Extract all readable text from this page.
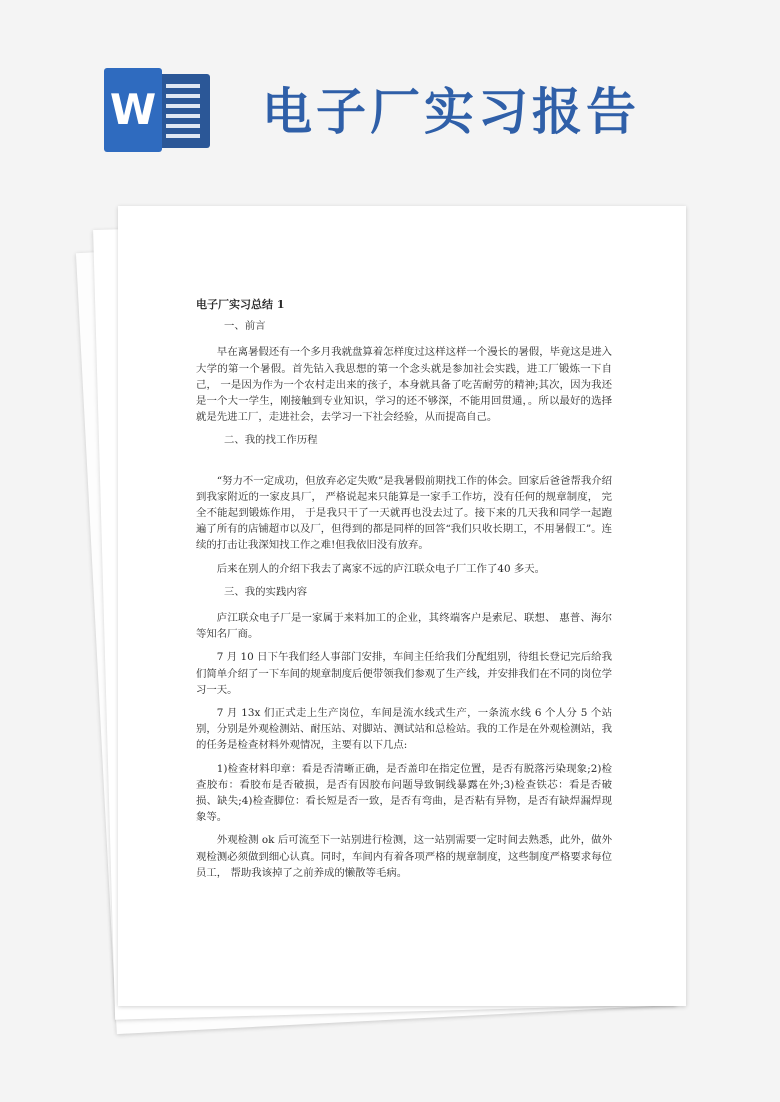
W 电子厂实习报告

电子厂实习总结 1

一、前言

早在离暑假还有一个多月我就盘算着怎样度过这样这样一个漫长的暑假，毕竟这是进入大学的第一个暑假。首先钻入我思想的第一个念头就是参加社会实践，进工厂锻炼一下自己， 一是因为作为一个农村走出来的孩子，本身就具备了吃苦耐劳的精神;其次，因为我还是一个大一学生，刚接触到专业知识，学习的还不够深，不能用回贯通，。所以最好的选择就是先进工厂，走进社会，去学习一下社会经验，从而提高自己。

二、我的找工作历程

“努力不一定成功，但放弃必定失败”是我暑假前期找工作的体会。回家后爸爸帮我介绍到我家附近的一家皮具厂， 严格说起来只能算是一家手工作坊，没有任何的规章制度， 完全不能起到锻炼作用， 于是我只干了一天就再也没去过了。接下来的几天我和同学一起跑遍了所有的店铺超市以及厂，但得到的都是同样的回答“我们只收长期工，不用暑假工”。连续的打击让我深知找工作之难!但我依旧没有放弃。

后来在别人的介绍下我去了离家不远的庐江联众电子厂工作了40 多天。

三、我的实践内容

庐江联众电子厂是一家属于来料加工的企业，其终端客户是索尼、联想、 惠普、海尔等知名厂商。

7 月 10 日下午我们经人事部门安排，车间主任给我们分配组别，待组长登记完后给我们简单介绍了一下车间的规章制度后便带领我们参观了生产线，并安排我们在不同的岗位学习一天。

7 月 13x 们正式走上生产岗位，车间是流水线式生产，一条流水线 6 个人分 5 个站别，分别是外观检测站、耐压站、对脚站、测试站和总检站。我的工作是在外观检测站，我的任务是检查材料外观情况，主要有以下几点:

1)检查材料印章：看是否清晰正确，是否盖印在指定位置，是否有脱落污染现象;2)检查胶布：看胶布是否破损，是否有因胶布问题导致铜线暴露在外;3)检查铁芯：看是否破损、缺失;4)检查脚位：看长短是否一致，是否有弯曲，是否粘有异物，是否有缺焊漏焊现象等。

外观检测 ok 后可流至下一站别进行检测，这一站别需要一定时间去熟悉，此外，做外观检测必须做到细心认真。同时，车间内有着各项严格的规章制度，这些制度严格要求每位员工， 帮助我该掉了之前养成的懒散等毛病。
